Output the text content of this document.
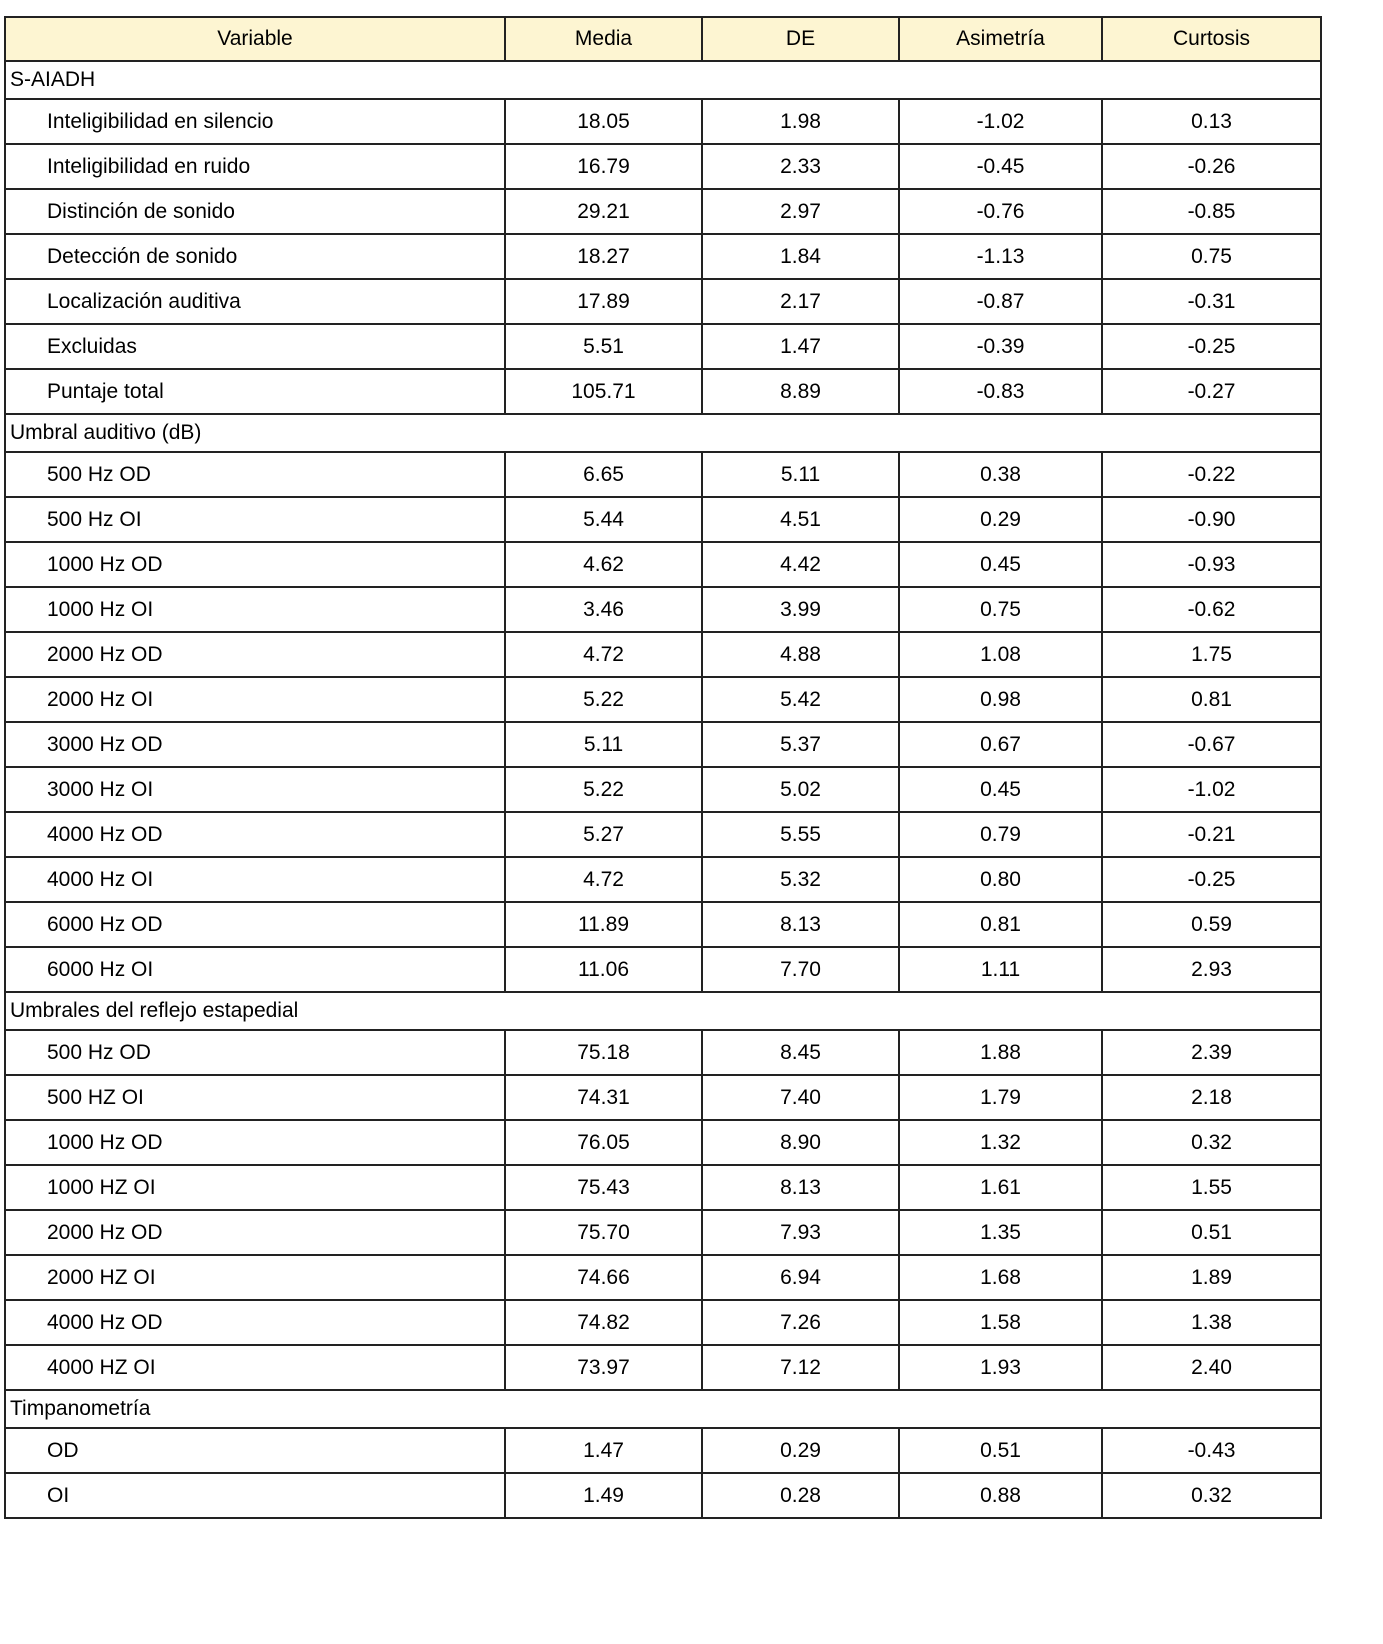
Variable	Media	DE	Asimetría	Curtosis
S-AIADH				
Inteligibilidad en silencio	18.05	1.98	-1.02	0.13
Inteligibilidad en ruido	16.79	2.33	-0.45	-0.26
Distinción de sonido	29.21	2.97	-0.76	-0.85
Detección de sonido	18.27	1.84	-1.13	0.75
Localización auditiva	17.89	2.17	-0.87	-0.31
Excluidas	5.51	1.47	-0.39	-0.25
Puntaje total	105.71	8.89	-0.83	-0.27
Umbral auditivo (dB)				
500 Hz OD	6.65	5.11	0.38	-0.22
500 Hz OI	5.44	4.51	0.29	-0.90
1000 Hz OD	4.62	4.42	0.45	-0.93
1000 Hz OI	3.46	3.99	0.75	-0.62
2000 Hz OD	4.72	4.88	1.08	1.75
2000 Hz OI	5.22	5.42	0.98	0.81
3000 Hz OD	5.11	5.37	0.67	-0.67
3000 Hz OI	5.22	5.02	0.45	-1.02
4000 Hz OD	5.27	5.55	0.79	-0.21
4000 Hz OI	4.72	5.32	0.80	-0.25
6000 Hz OD	11.89	8.13	0.81	0.59
6000 Hz OI	11.06	7.70	1.11	2.93
Umbrales del reflejo estapedial				
500 Hz OD	75.18	8.45	1.88	2.39
500 HZ OI	74.31	7.40	1.79	2.18
1000 Hz OD	76.05	8.90	1.32	0.32
1000 HZ OI	75.43	8.13	1.61	1.55
2000 Hz OD	75.70	7.93	1.35	0.51
2000 HZ OI	74.66	6.94	1.68	1.89
4000 Hz OD	74.82	7.26	1.58	1.38
4000 HZ OI	73.97	7.12	1.93	2.40
Timpanometría				
OD	1.47	0.29	0.51	-0.43
OI	1.49	0.28	0.88	0.32
